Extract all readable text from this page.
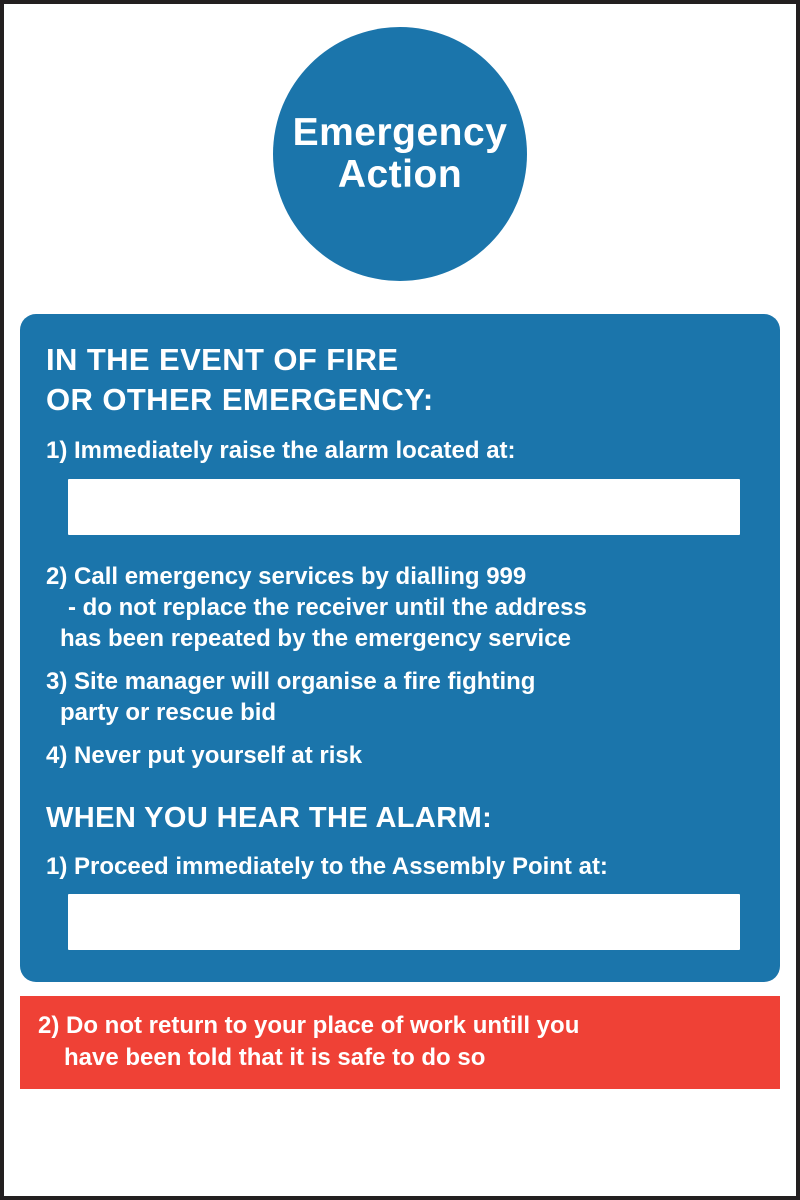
Emergency
Action
IN THE EVENT OF FIRE
OR OTHER EMERGENCY:
1) Immediately raise the alarm located at:
2) Call emergency services by dialling 999
- do not replace the receiver until the address
has been repeated by the emergency service
3) Site manager will organise a fire fighting
party or rescue bid
4) Never put yourself at risk
WHEN YOU HEAR THE ALARM:
1) Proceed immediately to the Assembly Point at:
2) Do not return to your place of work untill you
have been told that it is safe to do so
